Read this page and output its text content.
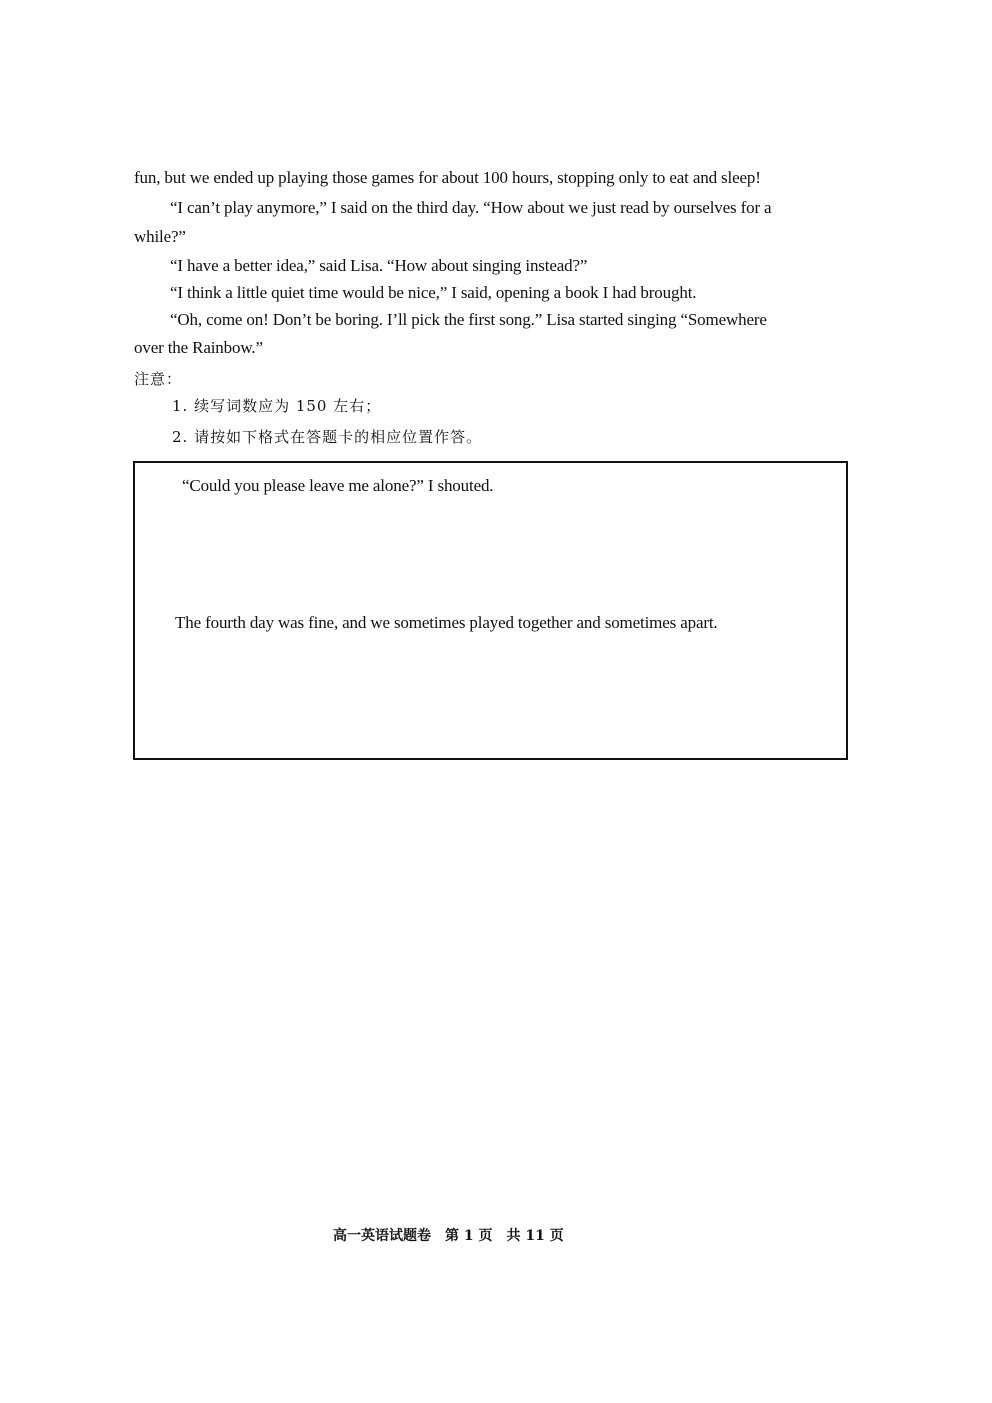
fun, but we ended up playing those games for about 100 hours, stopping only to eat and sleep!
“I can’t play anymore,” I said on the third day. “How about we just read by ourselves for a
while?”
“I have a better idea,” said Lisa. “How about singing instead?”
“I think a little quiet time would be nice,” I said, opening a book I had brought.
“Oh, come on! Don’t be boring. I’ll pick the first song.” Lisa started singing “Somewhere
over the Rainbow.”
注意：
1. 续写词数应为 150 左右；
2. 请按如下格式在答题卡的相应位置作答。
“Could you please leave me alone?” I shouted.
The fourth day was fine, and we sometimes played together and sometimes apart.
高一英语试题卷 第 1 页 共 11 页
